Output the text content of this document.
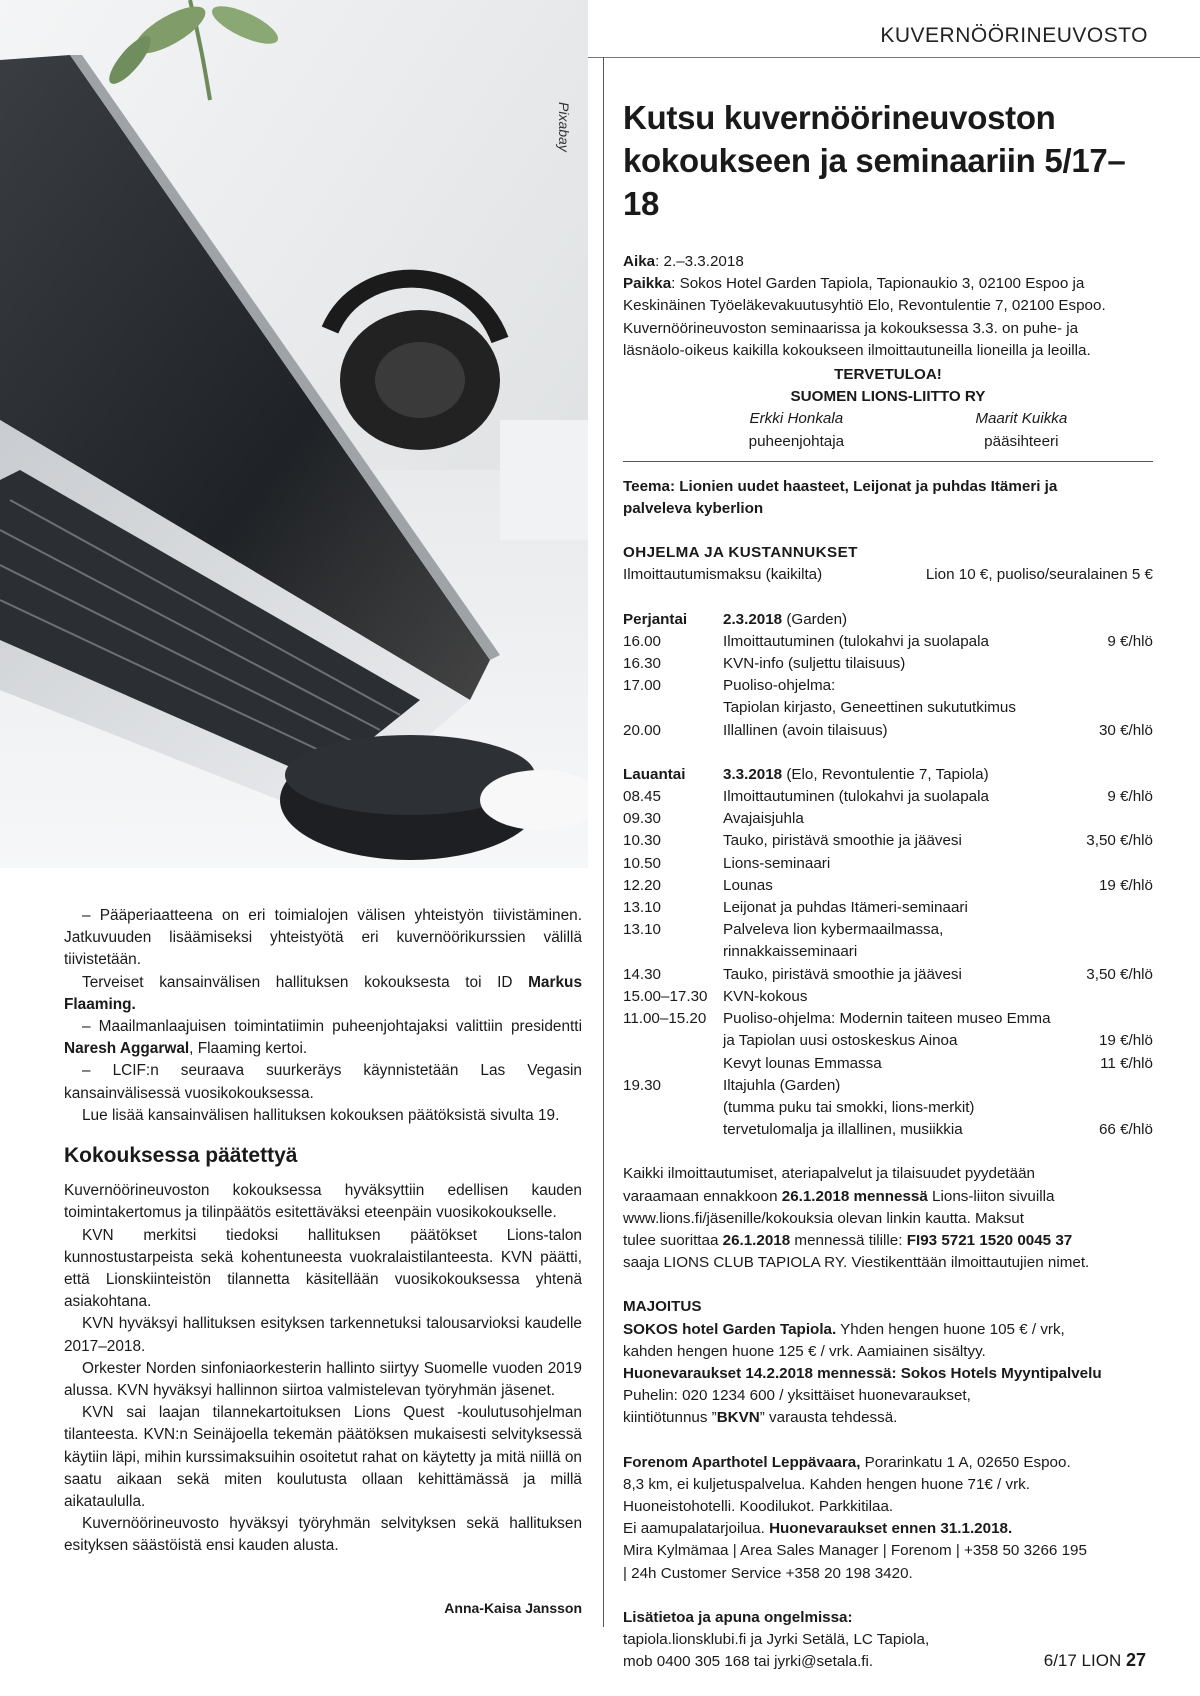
KUVERNÖÖRINEUVOSTO
Pixabay

– Pääperiaatteena on eri toimialojen välisen yhteistyön tiivistäminen. Jatkuvuuden lisäämiseksi yhteistyötä eri kuvernöörikurssien välillä tiivistetään.

Terveiset kansainvälisen hallituksen kokouksesta toi ID Markus Flaaming.

– Maailmanlaajuisen toimintatiimin puheenjohtajaksi valittiin presidentti Naresh Aggarwal, Flaaming kertoi.

– LCIF:n seuraava suurkeräys käynnistetään Las Vegasin kansainvälisessä vuosikokouksessa.

Lue lisää kansainvälisen hallituksen kokouksen päätöksistä sivulta 19.

Kokouksessa päätettyä

Kuvernöörineuvoston kokouksessa hyväksyttiin edellisen kauden toimintakertomus ja tilinpäätös esitettäväksi eteenpäin vuosikokoukselle.

KVN merkitsi tiedoksi hallituksen päätökset Lions-talon kunnostustarpeista sekä kohentuneesta vuokralaistilanteesta. KVN päätti, että Lionskiinteistön tilannetta käsitellään vuosikokouksessa yhtenä asiakohtana.

KVN hyväksyi hallituksen esityksen tarkennetuksi talousarvioksi kaudelle 2017–2018.

Orkester Norden sinfoniaorkesterin hallinto siirtyy Suomelle vuoden 2019 alussa. KVN hyväksyi hallinnon siirtoa valmistelevan työryhmän jäsenet.

KVN sai laajan tilannekartoituksen Lions Quest -koulutusohjelman tilanteesta. KVN:n Seinäjoella tekemän päätöksen mukaisesti selvityksessä käytiin läpi, mihin kurssimaksuihin osoitetut rahat on käytetty ja mitä niillä on saatu aikaan sekä miten koulutusta ollaan kehittämässä ja millä aikataululla.

Kuvernöörineuvosto hyväksyi työryhmän selvityksen sekä hallituksen esityksen säästöistä ensi kauden alusta.

Anna-Kaisa Jansson
Kutsu kuvernöörineuvoston
kokoukseen ja seminaariin 5/17–18

Aika: 2.–3.3.2018

Paikka: Sokos Hotel Garden Tapiola, Tapionaukio 3, 02100 Espoo ja

Keskinäinen Työeläkevakuutusyhtiö Elo, Revontulentie 7, 02100 Espoo.

Kuvernöörineuvoston seminaarissa ja kokouksessa 3.3. on puhe- ja

läsnäolo-oikeus kaikilla kokoukseen ilmoittautuneilla lioneilla ja leoilla.

TERVETULOA!

SUOMEN LIONS-LIITTO RY

Erkki Honkala
puheenjohtaja
Maarit Kuikka
pääsihteeri

Teema: Lionien uudet haasteet, Leijonat ja puhdas Itämeri ja

palveleva kyberlion

OHJELMA JA KUSTANNUKSET

Ilmoittautumismaksu (kaikilta)	Lion 10 €, puoliso/seuralainen 5 €
Perjantai	2.3.2018 (Garden)	
16.00	Ilmoittautuminen (tulokahvi ja suolapala	9 €/hlö
16.30	KVN-info (suljettu tilaisuus)	
17.00	Puoliso-ohjelma:	
	Tapiolan kirjasto, Geneettinen sukututkimus	
20.00	Illallinen (avoin tilaisuus)	30 €/hlö
Lauantai	3.3.2018 (Elo, Revontulentie 7, Tapiola)	
08.45	Ilmoittautuminen (tulokahvi ja suolapala	9 €/hlö
09.30	Avajaisjuhla	
10.30	Tauko, piristävä smoothie ja jäävesi	3,50 €/hlö
10.50	Lions-seminaari	
12.20	Lounas	19 €/hlö
13.10	Leijonat ja puhdas Itämeri-seminaari	
13.10	Palveleva lion kybermaailmassa, rinnakkaisseminaari	
14.30	Tauko, piristävä smoothie ja jäävesi	3,50 €/hlö
15.00–17.30	KVN-kokous	
11.00–15.20	Puoliso-ohjelma: Modernin taiteen museo Emma	
	ja Tapiolan uusi ostoskeskus Ainoa	19 €/hlö
	Kevyt lounas Emmassa	11 €/hlö
19.30	Iltajuhla (Garden)	
	(tumma puku tai smokki, lions-merkit)	
	tervetulomalja ja illallinen, musiikkia	66 €/hlö

Kaikki ilmoittautumiset, ateriapalvelut ja tilaisuudet pyydetään

varaamaan ennakkoon 26.1.2018 mennessä Lions-liiton sivuilla

www.lions.fi/jäsenille/kokouksia olevan linkin kautta. Maksut

tulee suorittaa 26.1.2018 mennessä tilille: FI93 5721 1520 0045 37

saaja LIONS CLUB TAPIOLA RY. Viestikenttään ilmoittautujien nimet.

MAJOITUS

SOKOS hotel Garden Tapiola. Yhden hengen huone 105 € / vrk,

kahden hengen huone 125 € / vrk. Aamiainen sisältyy.

Huonevaraukset 14.2.2018 mennessä: Sokos Hotels Myyntipalvelu

Puhelin: 020 1234 600 / yksittäiset huonevaraukset,

kiintiötunnus ”BKVN” varausta tehdessä.

Forenom Aparthotel Leppävaara, Porarinkatu 1 A, 02650 Espoo.

8,3 km, ei kuljetuspalvelua. Kahden hengen huone 71€ / vrk.

Huoneistohotelli. Koodilukot. Parkkitilaa.

Ei aamupalatarjoilua. Huonevaraukset ennen 31.1.2018.

Mira Kylmämaa | Area Sales Manager | Forenom | +358 50 3266 195

| 24h Customer Service +358 20 198 3420.

Lisätietoa ja apuna ongelmissa:

tapiola.lionsklubi.fi ja Jyrki Setälä, LC Tapiola,

mob 0400 305 168 tai jyrki@setala.fi.	6/17 LION 27
